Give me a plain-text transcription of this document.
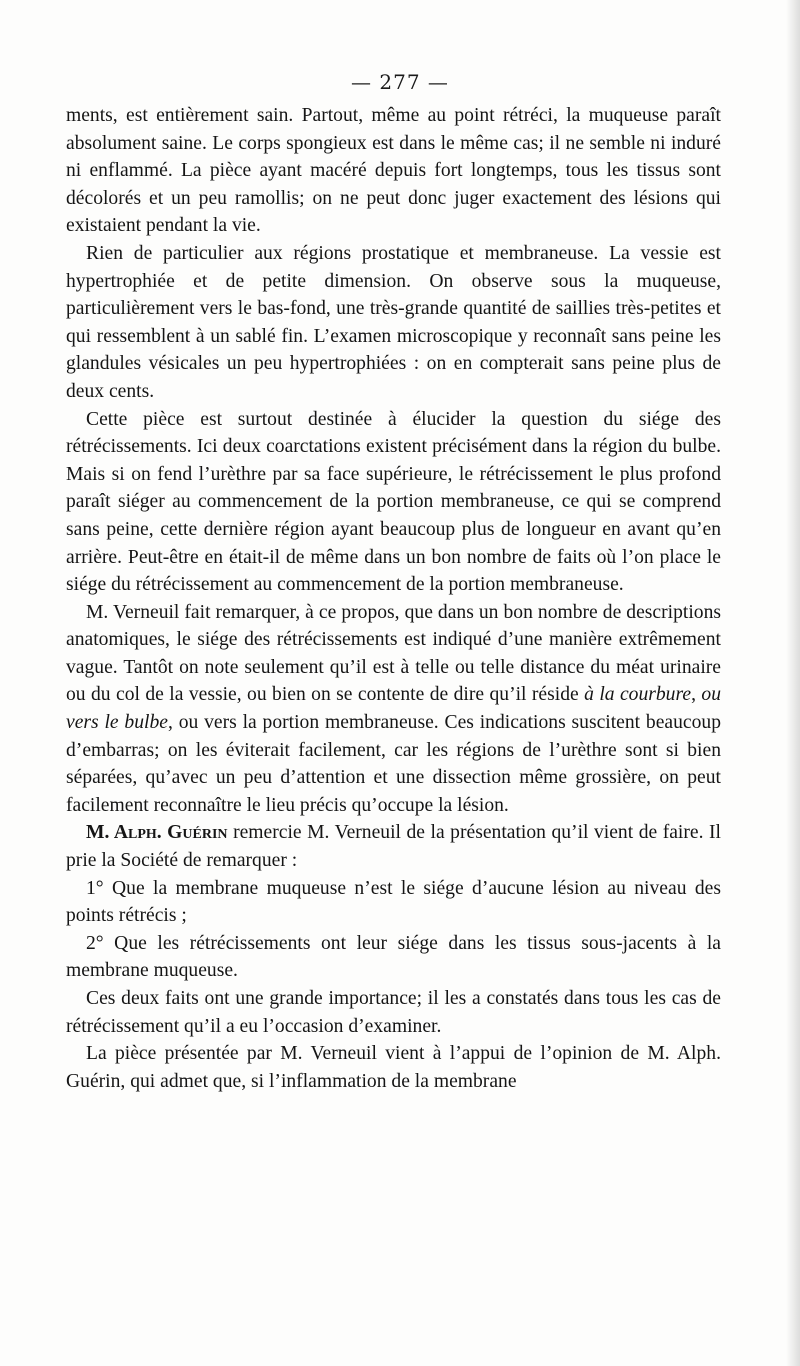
— 277 —

ments, est entièrement sain. Partout, même au point rétréci, la muqueuse paraît absolument saine. Le corps spongieux est dans le même cas; il ne semble ni induré ni enflammé. La pièce ayant macéré depuis fort longtemps, tous les tissus sont décolorés et un peu ramollis; on ne peut donc juger exactement des lésions qui existaient pendant la vie.

Rien de particulier aux régions prostatique et membraneuse. La vessie est hypertrophiée et de petite dimension. On observe sous la muqueuse, particulièrement vers le bas-fond, une très-grande quantité de saillies très-petites et qui ressemblent à un sablé fin. L’examen microscopique y reconnaît sans peine les glandules vésicales un peu hypertrophiées : on en compterait sans peine plus de deux cents.

Cette pièce est surtout destinée à élucider la question du siége des rétrécissements. Ici deux coarctations existent précisément dans la région du bulbe. Mais si on fend l’urèthre par sa face supérieure, le rétrécissement le plus profond paraît siéger au commencement de la portion membraneuse, ce qui se comprend sans peine, cette dernière région ayant beaucoup plus de longueur en avant qu’en arrière. Peut-être en était-il de même dans un bon nombre de faits où l’on place le siége du rétrécissement au commencement de la portion membraneuse.

M. Verneuil fait remarquer, à ce propos, que dans un bon nombre de descriptions anatomiques, le siége des rétrécissements est indiqué d’une manière extrêmement vague. Tantôt on note seulement qu’il est à telle ou telle distance du méat urinaire ou du col de la vessie, ou bien on se contente de dire qu’il réside à la courbure, ou vers le bulbe, ou vers la portion membraneuse. Ces indications suscitent beaucoup d’embarras; on les éviterait facilement, car les régions de l’urèthre sont si bien séparées, qu’avec un peu d’attention et une dissection même grossière, on peut facilement reconnaître le lieu précis qu’occupe la lésion.

M. Alph. Guérin remercie M. Verneuil de la présentation qu’il vient de faire. Il prie la Société de remarquer :

1° Que la membrane muqueuse n’est le siége d’aucune lésion au niveau des points rétrécis ;

2° Que les rétrécissements ont leur siége dans les tissus sous-jacents à la membrane muqueuse.

Ces deux faits ont une grande importance; il les a constatés dans tous les cas de rétrécissement qu’il a eu l’occasion d’examiner.

La pièce présentée par M. Verneuil vient à l’appui de l’opinion de M. Alph. Guérin, qui admet que, si l’inflammation de la membrane
